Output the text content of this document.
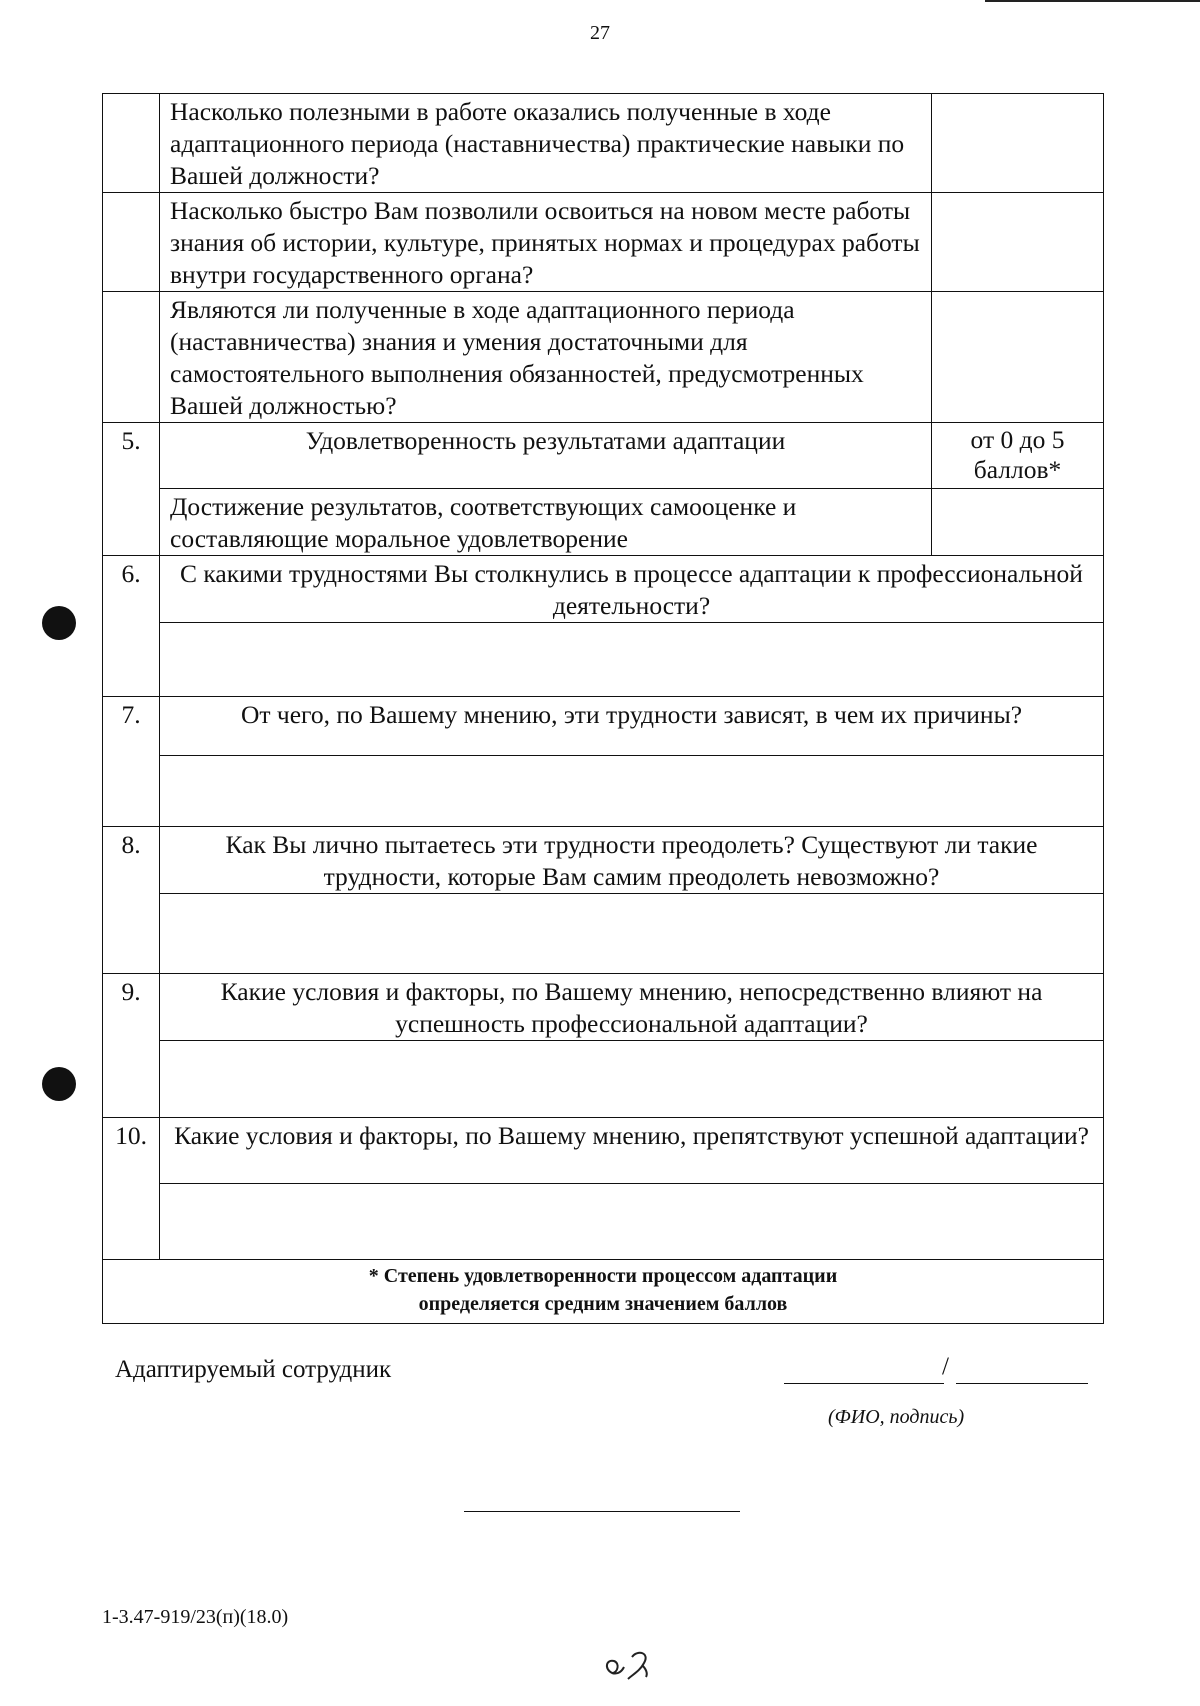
27
	Насколько полезными в работе оказались полученные в ходе адаптационного периода (наставничества) практические навыки по Вашей должности?	
	Насколько быстро Вам позволили освоиться на новом месте работы знания об истории, культуре, принятых нормах и процедурах работы внутри государственного органа?	
	Являются ли полученные в ходе адаптационного периода (наставничества) знания и умения достаточными для самостоятельного выполнения обязанностей, предусмотренных Вашей должностью?	
5.	Удовлетворенность результатами адаптации	от 0 до 5 баллов*
	Достижение результатов, соответствующих самооценке и составляющие моральное удовлетворение	
6.	С какими трудностями Вы столкнулись в процессе адаптации к профессиональной деятельности?	

7.	От чего, по Вашему мнению, эти трудности зависят, в чем их причины?	

8.	Как Вы лично пытаетесь эти трудности преодолеть? Существуют ли такие трудности, которые Вам самим преодолеть невозможно?	

9.	Какие условия и факторы, по Вашему мнению, непосредственно влияют на успешность профессиональной адаптации?	

10.	Какие условия и факторы, по Вашему мнению, препятствуют успешной адаптации?	

* Степень удовлетворенности процессом адаптации
определяется средним значением баллов		
Адаптируемый сотрудник	/
(ФИО, подпись)
1-3.47-919/23(п)(18.0)
